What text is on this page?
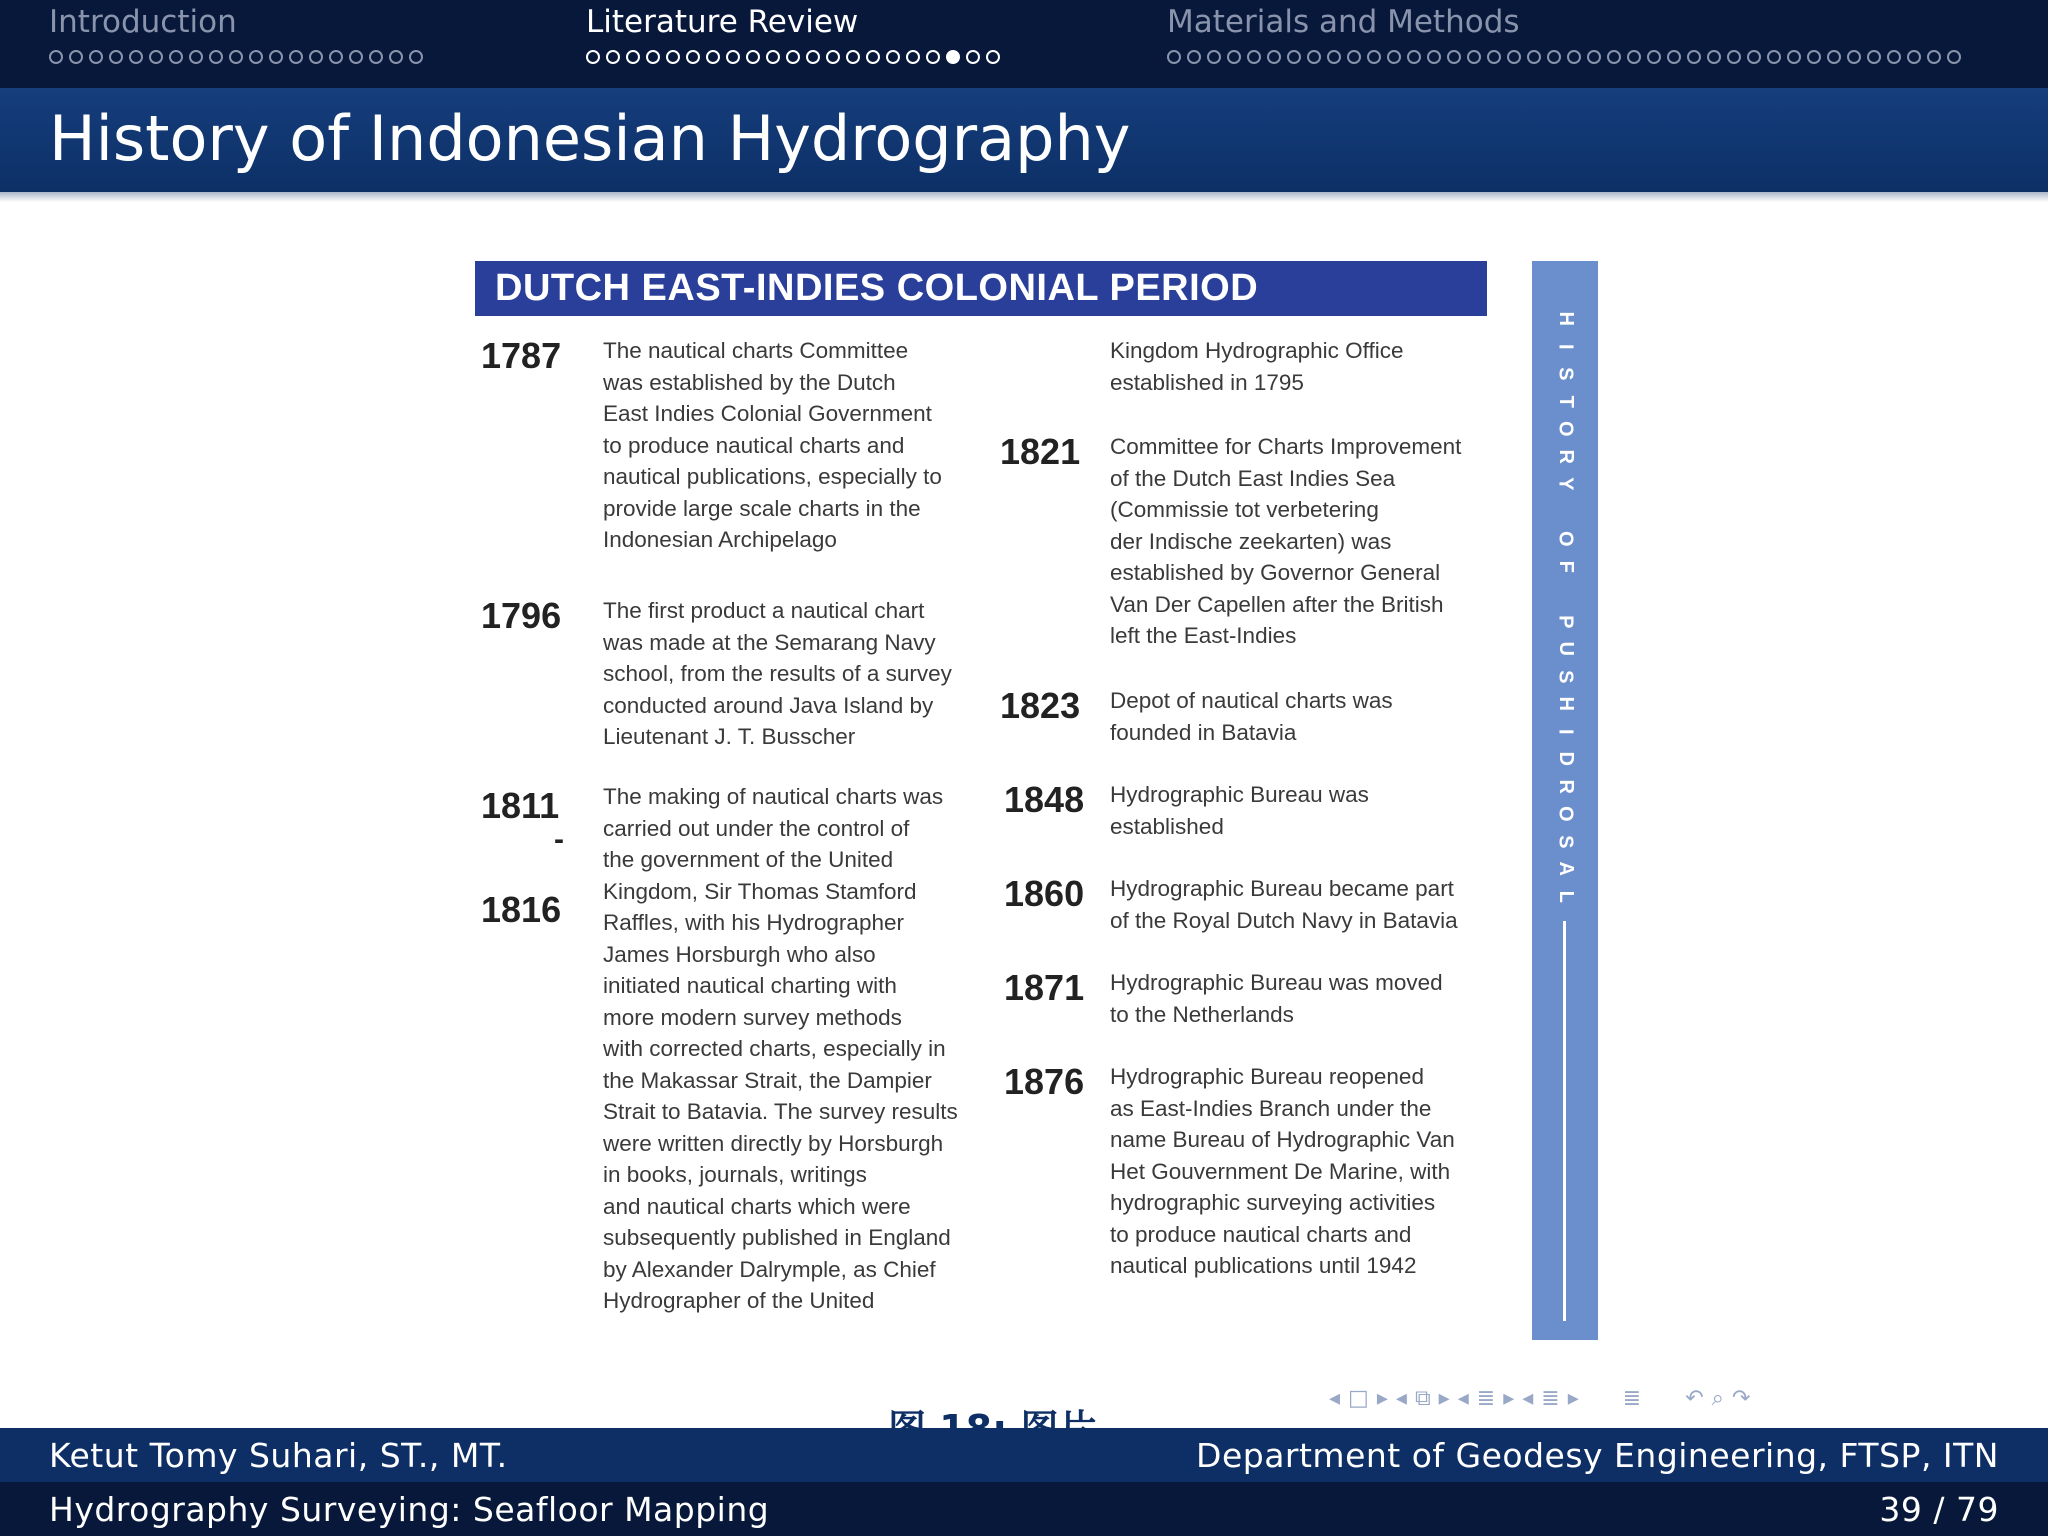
Introduction	Literature Review	Materials and Methods
History of Indonesian Hydrography
DUTCH EAST-INDIES COLONIAL PERIOD
H
I
S
T
O
R
Y

O
F

P
U
S
H
I
D
R
O
S
A
L
1787 The nautical charts Committee
was established by the Dutch
East Indies Colonial Government
to produce nautical charts and
nautical publications, especially to
provide large scale charts in the
Indonesian Archipelago
1796 The first product a nautical chart
was made at the Semarang Navy
school, from the results of a survey
conducted around Java Island by
Lieutenant J. T. Busscher
1811
-
1816
The making of nautical charts was
carried out under the control of
the government of the United
Kingdom, Sir Thomas Stamford
Raffles, with his Hydrographer
James Horsburgh who also
initiated nautical charting with
more modern survey methods
with corrected charts, especially in
the Makassar Strait, the Dampier
Strait to Batavia. The survey results
were written directly by Horsburgh
in books, journals, writings
and nautical charts which were
subsequently published in England
by Alexander Dalrymple, as Chief
Hydrographer of the United
Kingdom Hydrographic Office
established in 1795
1821 Committee for Charts Improvement
of the Dutch East Indies Sea
(Commissie tot verbetering
der Indische zeekarten) was
established by Governor General
Van Der Capellen after the British
left the East-Indies
1823 Depot of nautical charts was
founded in Batavia
1848 Hydrographic Bureau was
established
1860 Hydrographic Bureau became part
of the Royal Dutch Navy in Batavia
1871 Hydrographic Bureau was moved
to the Netherlands
1876 Hydrographic Bureau reopened
as East-Indies Branch under the
name Bureau of Hydrographic Van
Het Gouvernment De Marine, with
hydrographic surveying activities
to produce nautical charts and
nautical publications until 1942
◂ □ ▸ ◂ ⧉ ▸ ◂ ≣ ▸ ◂ ≣ ▸ ≣ ↶ ⌕ ↷
Ketut Tomy Suhari, ST., MT.	Department of Geodesy Engineering, FTSP, ITN
Hydrography Surveying: Seafloor Mapping	39 / 79
